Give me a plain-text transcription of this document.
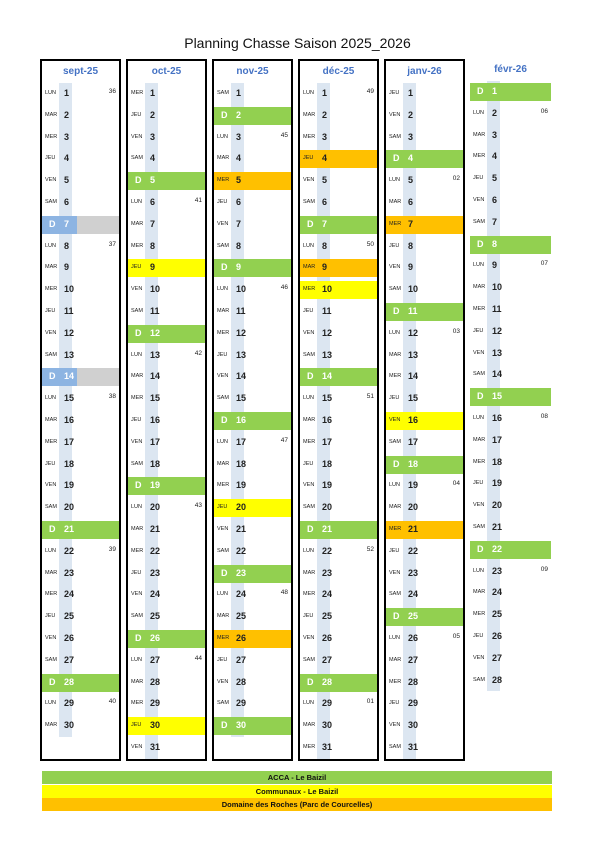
Planning Chasse Saison 2025_2026
sept-25
LUN 1	36
MAR 2
MER 3
JEU 4
VEN 5
SAM 6
D 7
LUN 8	37
MAR 9
MER 10
JEU 11
VEN 12
SAM 13
D 14
LUN 15	38
MAR 16
MER 17
JEU 18
VEN 19
SAM 20
D 21
LUN 22	39
MAR 23
MER 24
JEU 25
VEN 26
SAM 27
D 28
LUN 29	40
MAR 30
oct-25
MER 1
JEU 2
VEN 3
SAM 4
D 5
LUN 6	41
MAR 7
MER 8
JEU 9
VEN 10
SAM 11
D 12
LUN 13	42
MAR 14
MER 15
JEU 16
VEN 17
SAM 18
D 19
LUN 20	43
MAR 21
MER 22
JEU 23
VEN 24
SAM 25
D 26
LUN 27	44
MAR 28
MER 29
JEU 30
VEN 31
nov-25
SAM 1
D 2
LUN 3	45
MAR 4
MER 5
JEU 6
VEN 7
SAM 8
D 9
LUN 10	46
MAR 11
MER 12
JEU 13
VEN 14
SAM 15
D 16
LUN 17	47
MAR 18
MER 19
JEU 20
VEN 21
SAM 22
D 23
LUN 24	48
MAR 25
MER 26
JEU 27
VEN 28
SAM 29
D 30
déc-25
LUN 1	49
MAR 2
MER 3
JEU 4
VEN 5
SAM 6
D 7
LUN 8	50
MAR 9
MER 10
JEU 11
VEN 12
SAM 13
D 14
LUN 15	51
MAR 16
MER 17
JEU 18
VEN 19
SAM 20
D 21
LUN 22	52
MAR 23
MER 24
JEU 25
VEN 26
SAM 27
D 28
LUN 29	01
MAR 30
MER 31
janv-26
JEU 1
VEN 2
SAM 3
D 4
LUN 5	02
MAR 6
MER 7
JEU 8
VEN 9
SAM 10
D 11
LUN 12	03
MAR 13
MER 14
JEU 15
VEN 16
SAM 17
D 18
LUN 19	04
MAR 20
MER 21
JEU 22
VEN 23
SAM 24
D 25
LUN 26	05
MAR 27
MER 28
JEU 29
VEN 30
SAM 31
févr-26
D 1
LUN 2	06
MAR 3
MER 4
JEU 5
VEN 6
SAM 7
D 8
LUN 9	07
MAR 10
MER 11
JEU 12
VEN 13
SAM 14
D 15
LUN 16	08
MAR 17
MER 18
JEU 19
VEN 20
SAM 21
D 22
LUN 23	09
MAR 24
MER 25
JEU 26
VEN 27
SAM 28
ACCA - Le Baizil
Communaux - Le Baizil
Domaine des Roches (Parc de Courcelles)
